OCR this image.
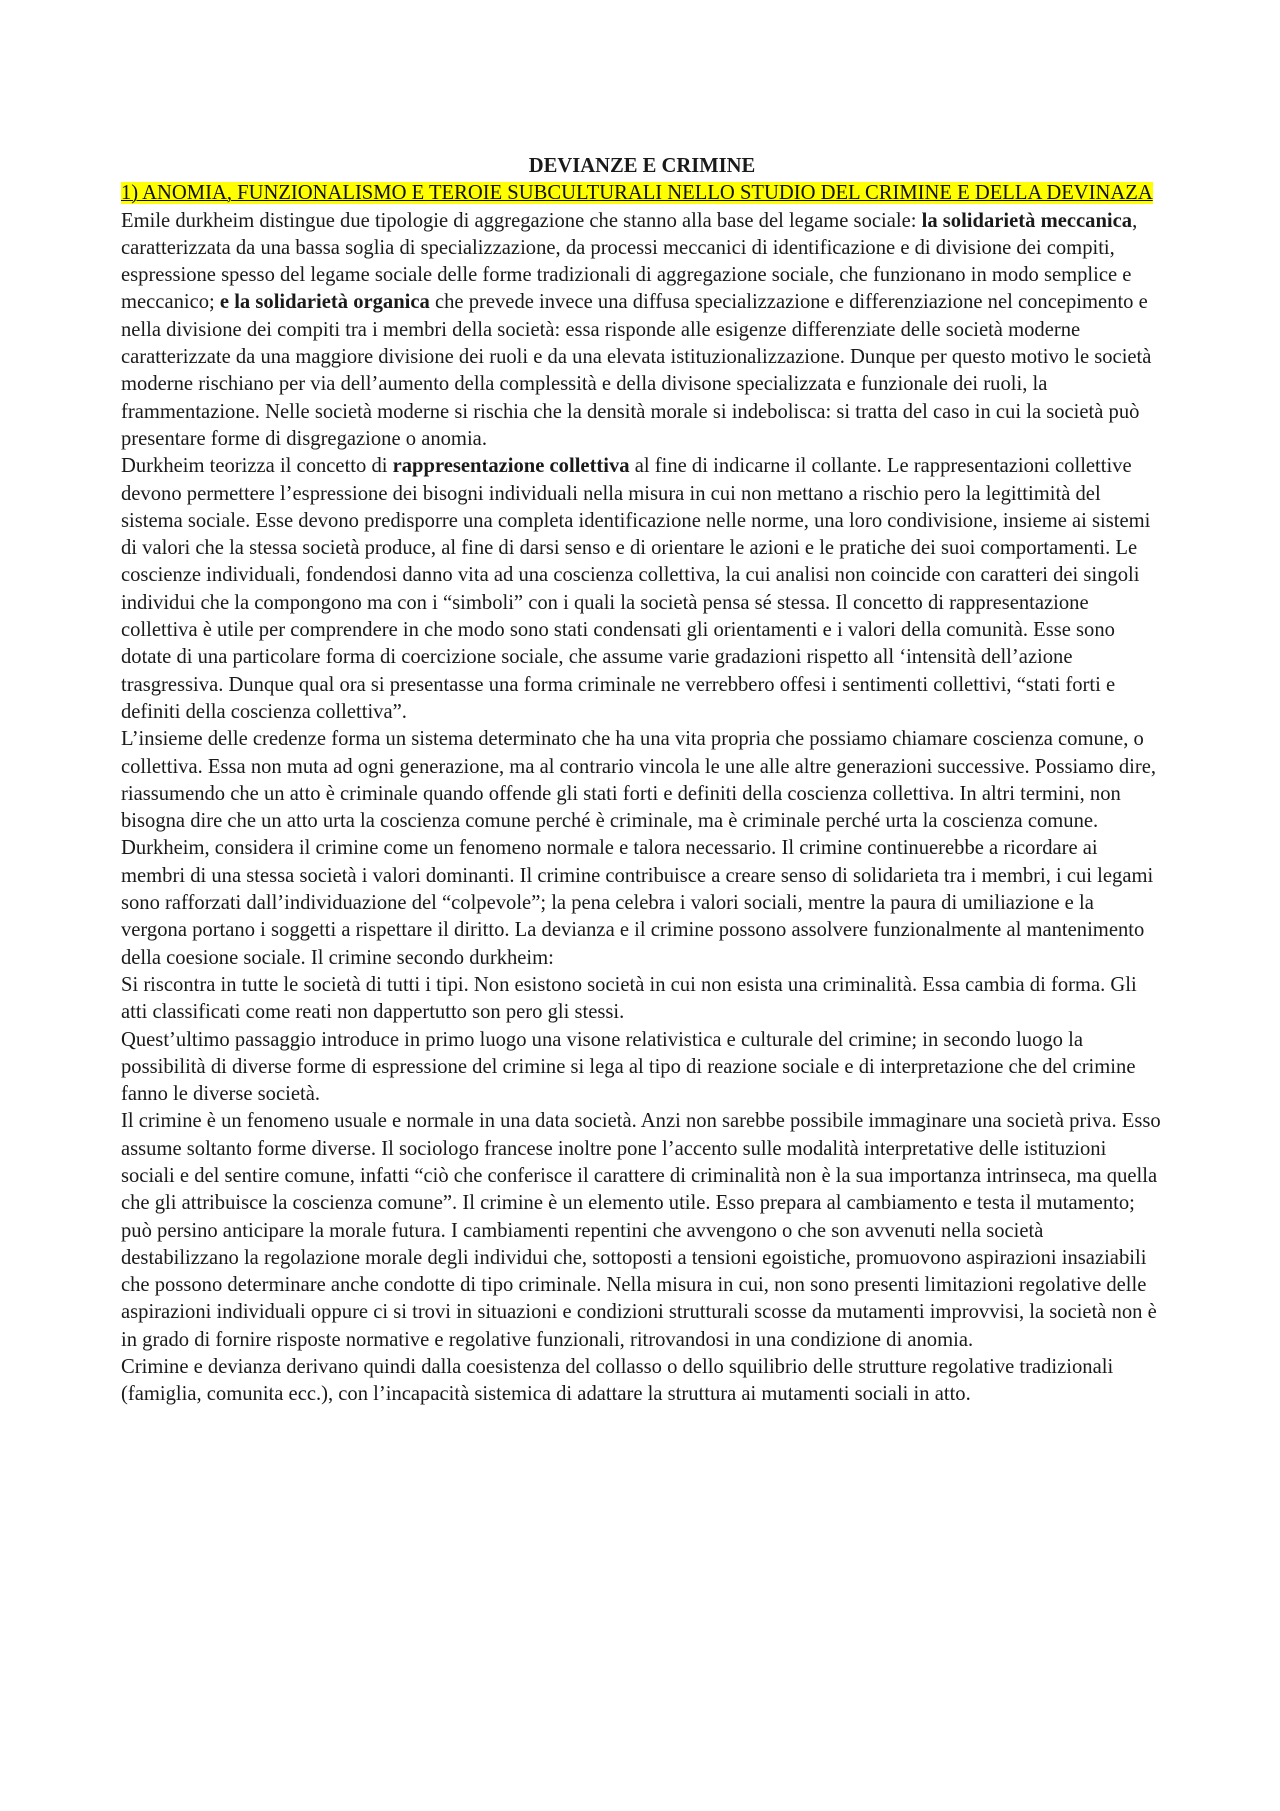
DEVIANZE E CRIMINE
1) ANOMIA, FUNZIONALISMO E TEROIE SUBCULTURALI NELLO STUDIO DEL CRIMINE E DELLA DEVINAZA

Emile durkheim distingue due tipologie di aggregazione che stanno alla base del legame sociale: la solidarietà meccanica, caratterizzata da una bassa soglia di specializzazione, da processi meccanici di identificazione e di divisione dei compiti, espressione spesso del legame sociale delle forme tradizionali di aggregazione sociale, che funzionano in modo semplice e meccanico; e la solidarietà organica che prevede invece una diffusa specializzazione e differenziazione nel concepimento e nella divisione dei compiti tra i membri della società: essa risponde alle esigenze differenziate delle società moderne caratterizzate da una maggiore divisione dei ruoli e da una elevata istituzionalizzazione. Dunque per questo motivo le società moderne rischiano per via dell’aumento della complessità e della divisone specializzata e funzionale dei ruoli, la frammentazione. Nelle società moderne si rischia che la densità morale si indebolisca: si tratta del caso in cui la società può presentare forme di disgregazione o anomia.

Durkheim teorizza il concetto di rappresentazione collettiva al fine di indicarne il collante. Le rappresentazioni collettive devono permettere l’espressione dei bisogni individuali nella misura in cui non mettano a rischio pero la legittimità del sistema sociale. Esse devono predisporre una completa identificazione nelle norme, una loro condivisione, insieme ai sistemi di valori che la stessa società produce, al fine di darsi senso e di orientare le azioni e le pratiche dei suoi comportamenti. Le coscienze individuali, fondendosi danno vita ad una coscienza collettiva, la cui analisi non coincide con caratteri dei singoli individui che la compongono ma con i “simboli” con i quali la società pensa sé stessa. Il concetto di rappresentazione collettiva è utile per comprendere in che modo sono stati condensati gli orientamenti e i valori della comunità. Esse sono dotate di una particolare forma di coercizione sociale, che assume varie gradazioni rispetto all ‘intensità dell’azione trasgressiva. Dunque qual ora si presentasse una forma criminale ne verrebbero offesi i sentimenti collettivi, “stati forti e definiti della coscienza collettiva”.

L’insieme delle credenze forma un sistema determinato che ha una vita propria che possiamo chiamare coscienza comune, o collettiva. Essa non muta ad ogni generazione, ma al contrario vincola le une alle altre generazioni successive. Possiamo dire, riassumendo che un atto è criminale quando offende gli stati forti e definiti della coscienza collettiva. In altri termini, non bisogna dire che un atto urta la coscienza comune perché è criminale, ma è criminale perché urta la coscienza comune.

Durkheim, considera il crimine come un fenomeno normale e talora necessario. Il crimine continuerebbe a ricordare ai membri di una stessa società i valori dominanti. Il crimine contribuisce a creare senso di solidarieta tra i membri, i cui legami sono rafforzati dall’individuazione del “colpevole”; la pena celebra i valori sociali, mentre la paura di umiliazione e la vergona portano i soggetti a rispettare il diritto. La devianza e il crimine possono assolvere funzionalmente al mantenimento della coesione sociale. Il crimine secondo durkheim:

Si riscontra in tutte le società di tutti i tipi. Non esistono società in cui non esista una criminalità. Essa cambia di forma. Gli atti classificati come reati non dappertutto son pero gli stessi.

Quest’ultimo passaggio introduce in primo luogo una visone relativistica e culturale del crimine; in secondo luogo la possibilità di diverse forme di espressione del crimine si lega al tipo di reazione sociale e di interpretazione che del crimine fanno le diverse società.

Il crimine è un fenomeno usuale e normale in una data società. Anzi non sarebbe possibile immaginare una società priva. Esso assume soltanto forme diverse. Il sociologo francese inoltre pone l’accento sulle modalità interpretative delle istituzioni sociali e del sentire comune, infatti “ciò che conferisce il carattere di criminalità non è la sua importanza intrinseca, ma quella che gli attribuisce la coscienza comune”. Il crimine è un elemento utile. Esso prepara al cambiamento e testa il mutamento; può persino anticipare la morale futura. I cambiamenti repentini che avvengono o che son avvenuti nella società destabilizzano la regolazione morale degli individui che, sottoposti a tensioni egoistiche, promuovono aspirazioni insaziabili che possono determinare anche condotte di tipo criminale. Nella misura in cui, non sono presenti limitazioni regolative delle aspirazioni individuali oppure ci si trovi in situazioni e condizioni strutturali scosse da mutamenti improvvisi, la società non è in grado di fornire risposte normative e regolative funzionali, ritrovandosi in una condizione di anomia.

Crimine e devianza derivano quindi dalla coesistenza del collasso o dello squilibrio delle strutture regolative tradizionali (famiglia, comunita ecc.), con l’incapacità sistemica di adattare la struttura ai mutamenti sociali in atto.
